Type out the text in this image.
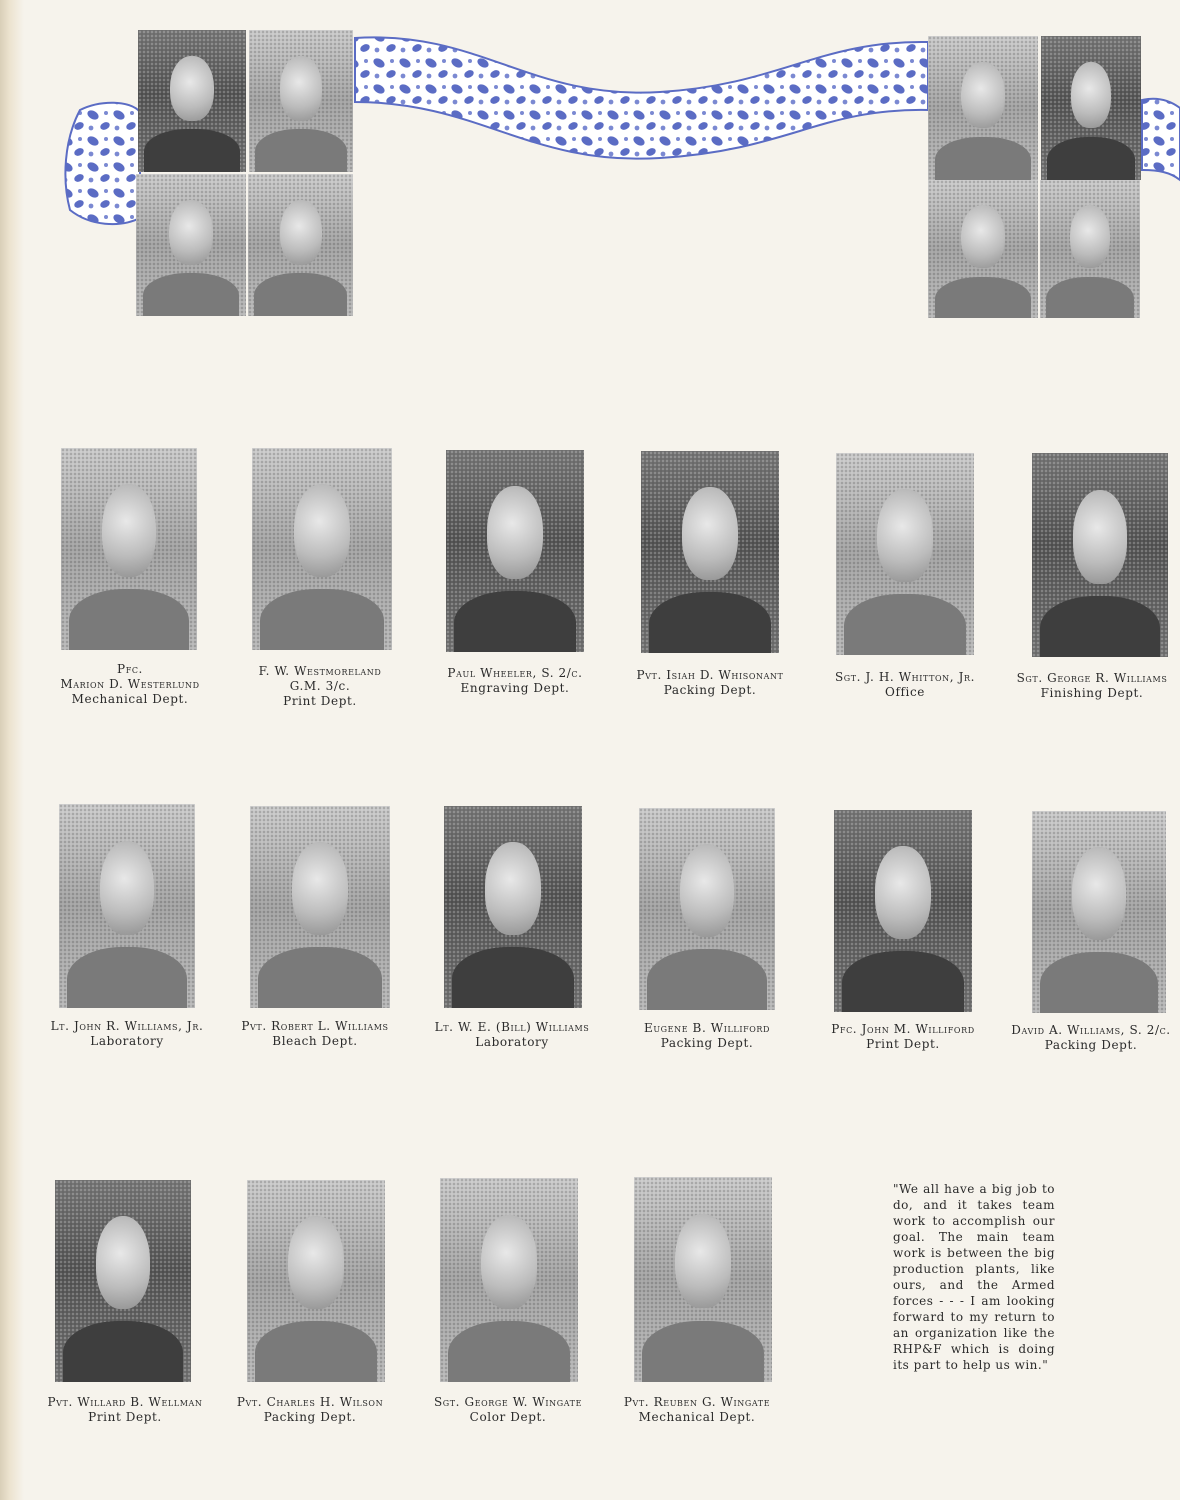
Pfc.
Marion D. Westerlund
Mechanical Dept.
F. W. Westmoreland
G.M. 3/c.
Print Dept.
Paul Wheeler, S. 2/c.
Engraving Dept.
Pvt. Isiah D. Whisonant
Packing Dept.
Sgt. J. H. Whitton, Jr.
Office
Sgt. George R. Williams
Finishing Dept.
Lt. John R. Williams, Jr.
Laboratory
Pvt. Robert L. Williams
Bleach Dept.
Lt. W. E. (Bill) Williams
Laboratory
Eugene B. Williford
Packing Dept.
Pfc. John M. Williford
Print Dept.
David A. Williams, S. 2/c.
Packing Dept.
Pvt. Willard B. Wellman
Print Dept.
Pvt. Charles H. Wilson
Packing Dept.
Sgt. George W. Wingate
Color Dept.
Pvt. Reuben G. Wingate
Mechanical Dept.
"We all have a big job to do, and it takes team work to accomplish our goal. The main team work is between the big production plants, like ours, and the Armed forces - - - I am looking forward to my return to an organization like the RHP&F which is doing its part to help us win."
